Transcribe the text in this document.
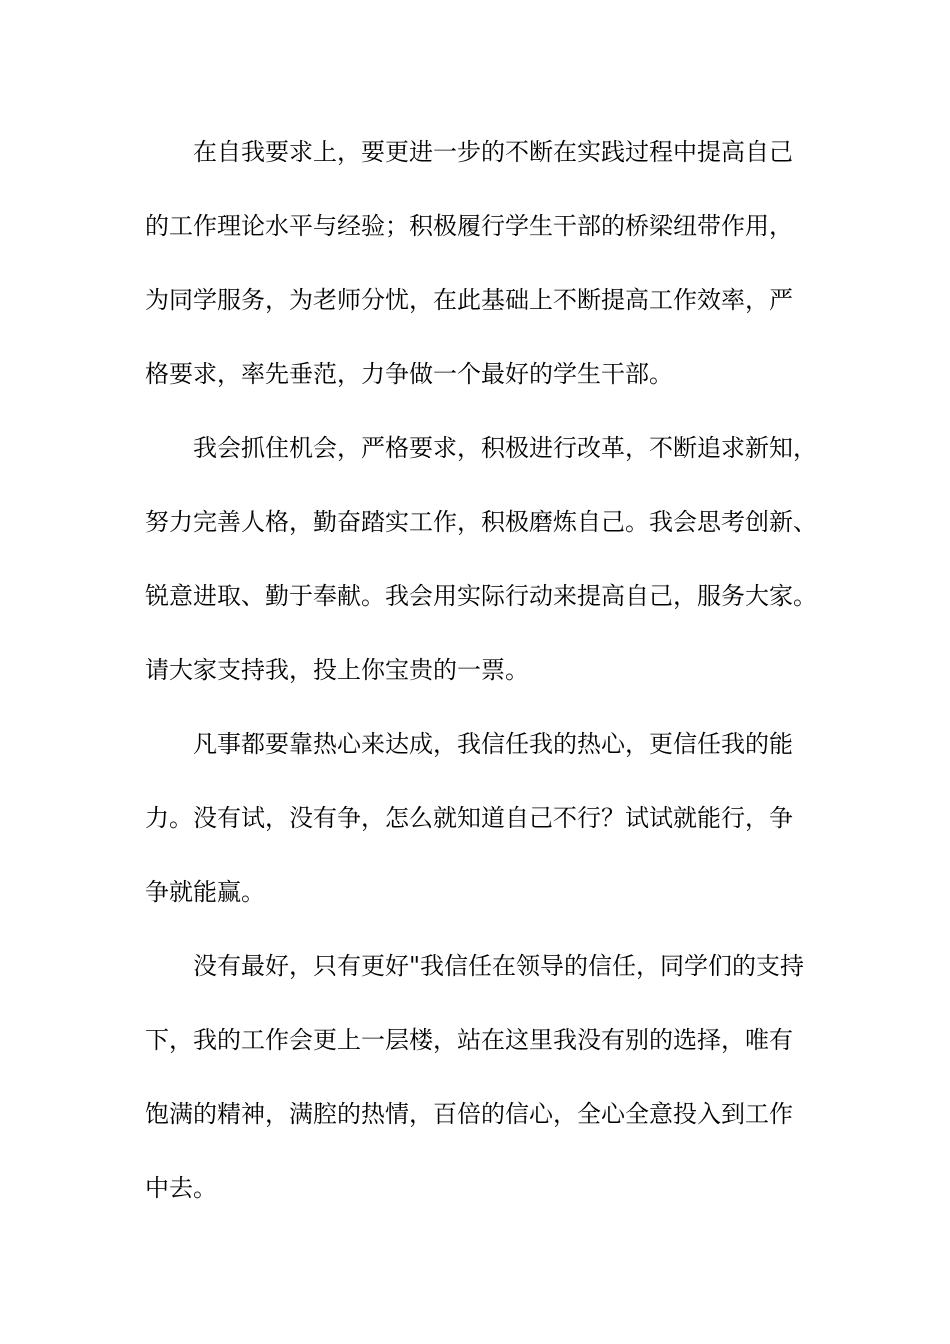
在自我要求上，要更进一步的不断在实践过程中提高自己
的工作理论水平与经验；积极履行学生干部的桥梁纽带作用，
为同学服务，为老师分忧，在此基础上不断提高工作效率，严
格要求，率先垂范，力争做一个最好的学生干部。
我会抓住机会，严格要求，积极进行改革，不断追求新知，
努力完善人格，勤奋踏实工作，积极磨炼自己。我会思考创新、
锐意进取、勤于奉献。我会用实际行动来提高自己，服务大家。
请大家支持我，投上你宝贵的一票。
凡事都要靠热心来达成，我信任我的热心，更信任我的能
力。没有试，没有争，怎么就知道自己不行？试试就能行，争
争就能赢。
没有最好，只有更好"我信任在领导的信任，同学们的支持
下，我的工作会更上一层楼，站在这里我没有别的选择，唯有
饱满的精神，满腔的热情，百倍的信心，全心全意投入到工作
中去。
